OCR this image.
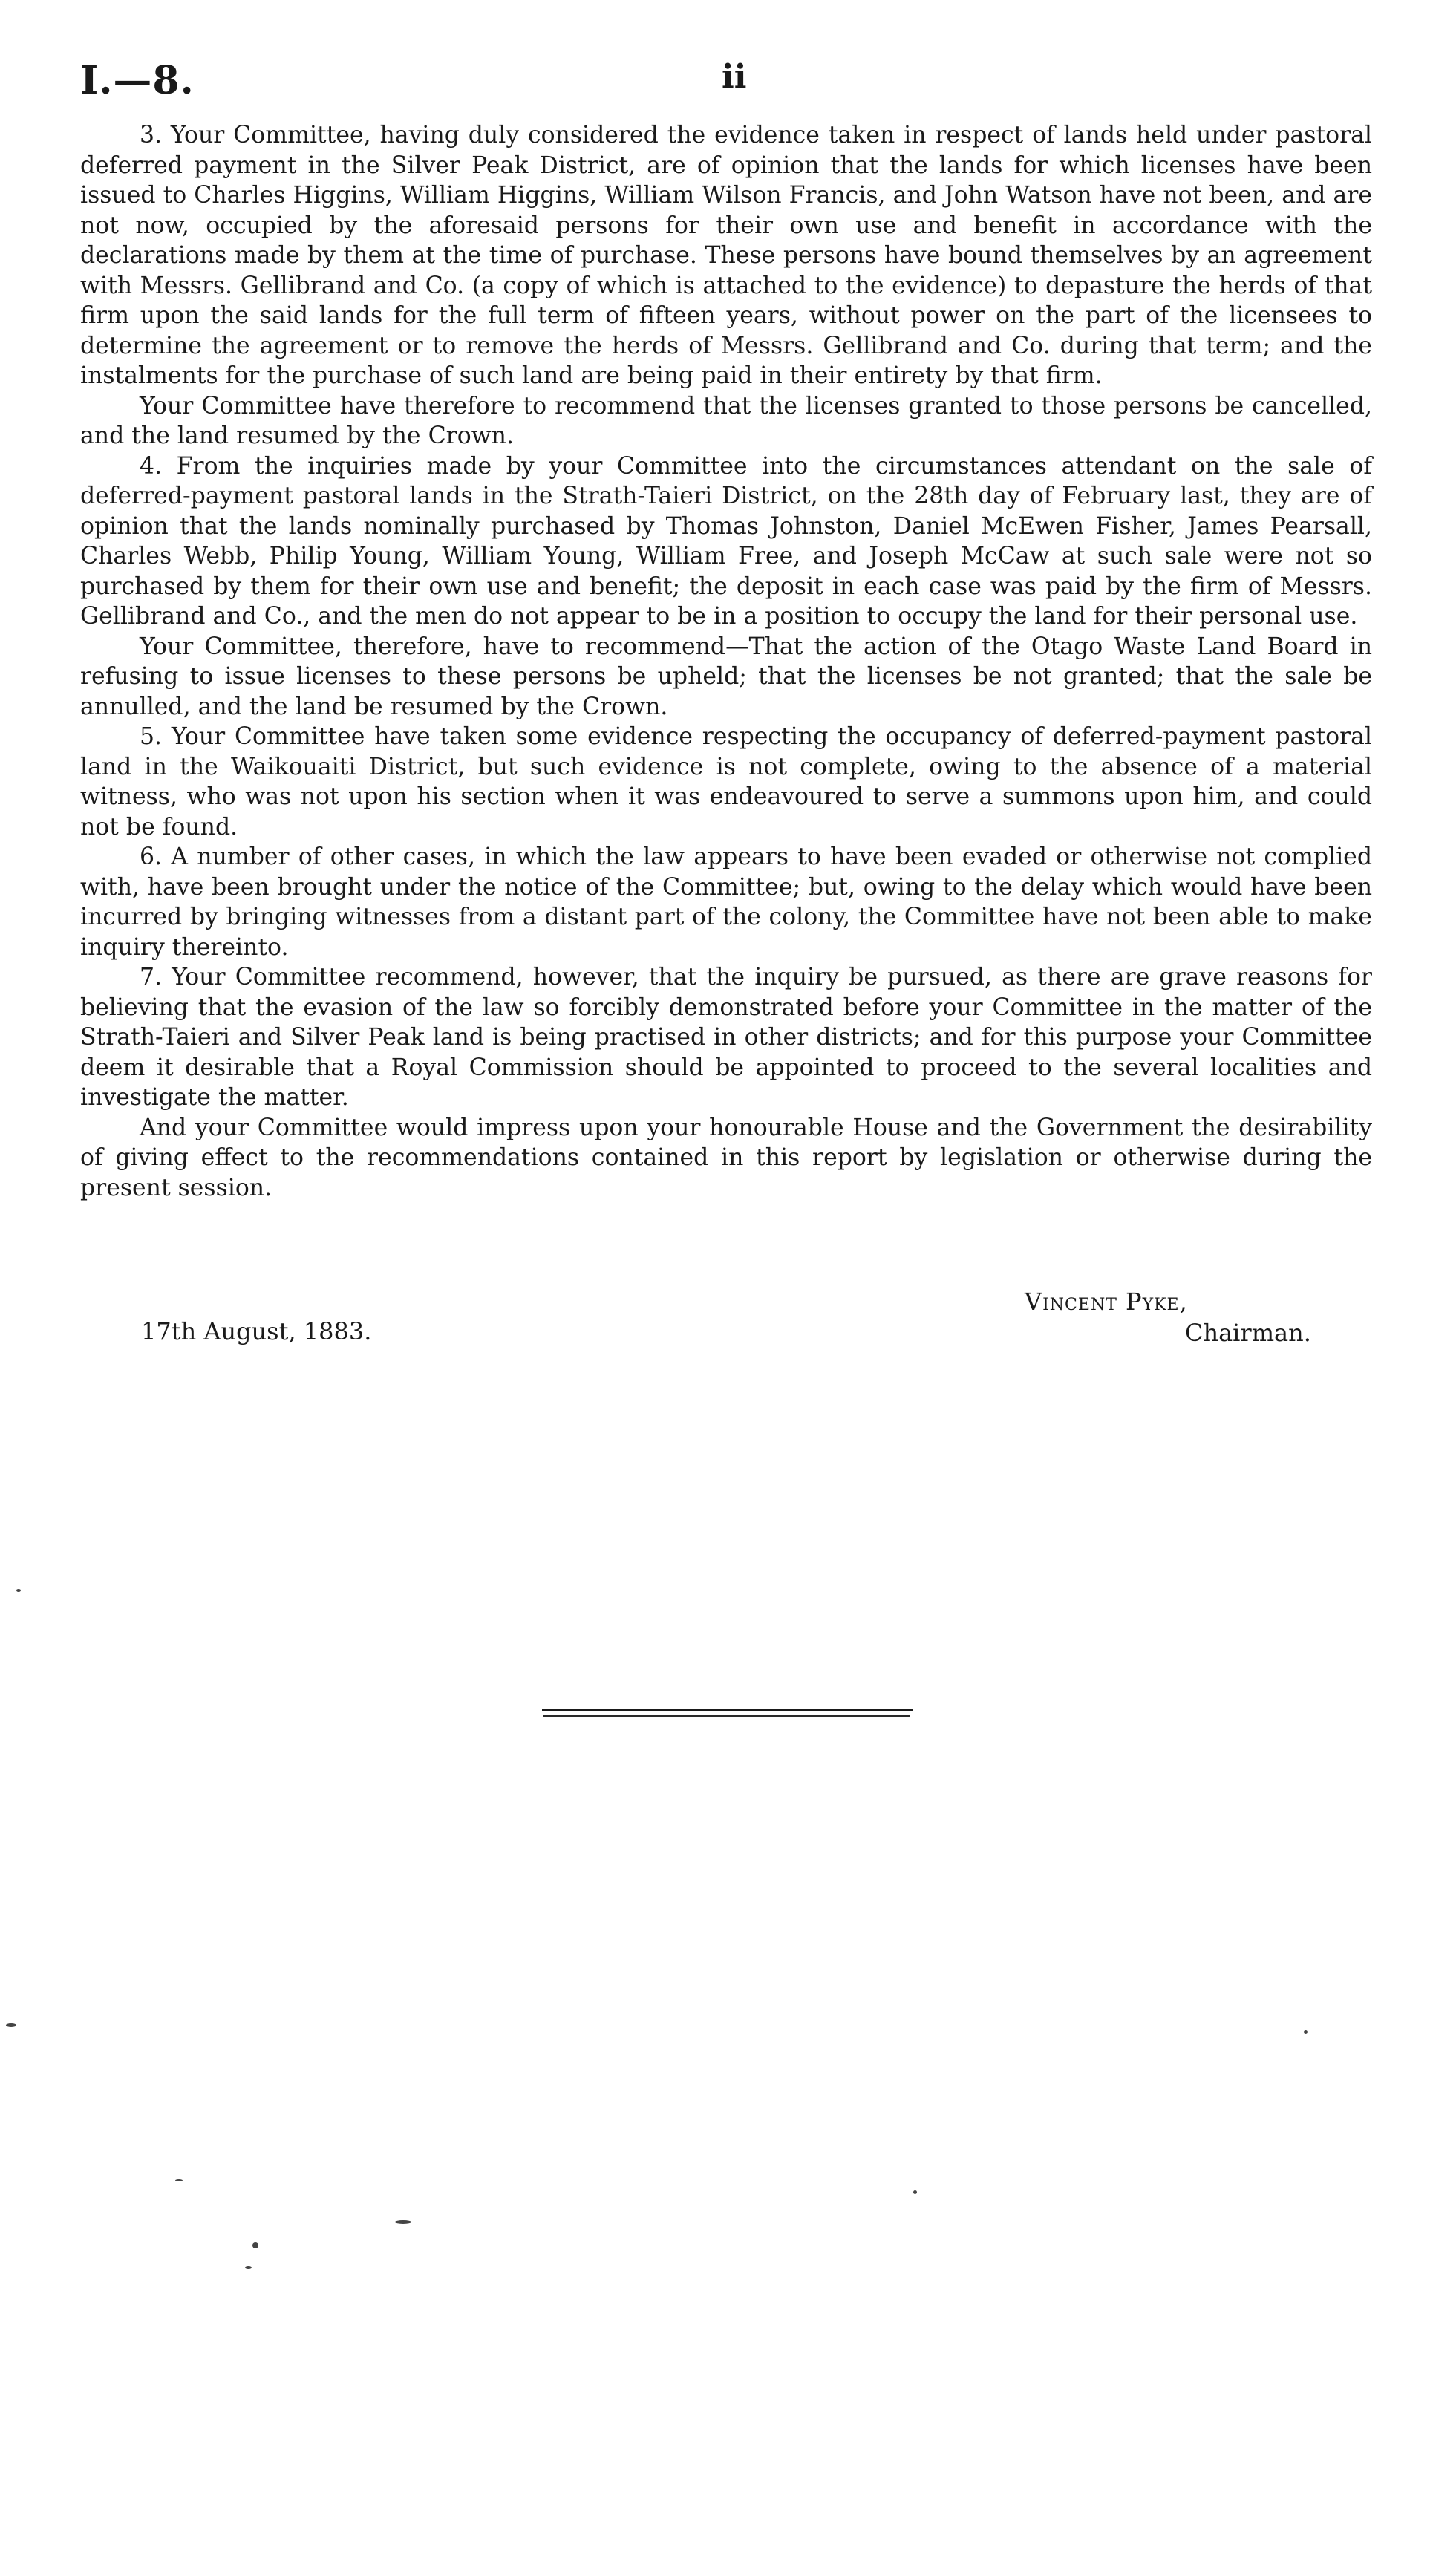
I.—8.	ii

3. Your Committee, having duly considered the evidence taken in respect of lands held under pastoral deferred payment in the Silver Peak District, are of opinion that the lands for which licenses have been issued to Charles Higgins, William Higgins, William Wilson Francis, and John Watson have not been, and are not now, occupied by the aforesaid persons for their own use and benefit in accordance with the declarations made by them at the time of purchase. These persons have bound themselves by an agreement with Messrs. Gellibrand and Co. (a copy of which is attached to the evidence) to depasture the herds of that firm upon the said lands for the full term of fifteen years, without power on the part of the licensees to determine the agreement or to remove the herds of Messrs. Gellibrand and Co. during that term; and the instalments for the purchase of such land are being paid in their entirety by that firm.

Your Committee have therefore to recommend that the licenses granted to those persons be cancelled, and the land resumed by the Crown.

4. From the inquiries made by your Committee into the circumstances attendant on the sale of deferred-payment pastoral lands in the Strath-Taieri District, on the 28th day of February last, they are of opinion that the lands nominally purchased by Thomas Johnston, Daniel McEwen Fisher, James Pearsall, Charles Webb, Philip Young, William Young, William Free, and Joseph McCaw at such sale were not so purchased by them for their own use and benefit; the deposit in each case was paid by the firm of Messrs. Gellibrand and Co., and the men do not appear to be in a position to occupy the land for their personal use.

Your Committee, therefore, have to recommend—That the action of the Otago Waste Land Board in refusing to issue licenses to these persons be upheld; that the licenses be not granted; that the sale be annulled, and the land be resumed by the Crown.

5. Your Committee have taken some evidence respecting the occupancy of deferred-payment pastoral land in the Waikouaiti District, but such evidence is not complete, owing to the absence of a material witness, who was not upon his section when it was endeavoured to serve a summons upon him, and could not be found.

6. A number of other cases, in which the law appears to have been evaded or otherwise not complied with, have been brought under the notice of the Committee; but, owing to the delay which would have been incurred by bringing witnesses from a distant part of the colony, the Committee have not been able to make inquiry thereinto.

7. Your Committee recommend, however, that the inquiry be pursued, as there are grave reasons for believing that the evasion of the law so forcibly demonstrated before your Committee in the matter of the Strath-Taieri and Silver Peak land is being practised in other districts; and for this purpose your Committee deem it desirable that a Royal Commission should be appointed to proceed to the several localities and investigate the matter.

And your Committee would impress upon your honourable House and the Government the desirability of giving effect to the recommendations contained in this report by legislation or otherwise during the present session.

Vincent Pyke,
Chairman.
17th August, 1883.
